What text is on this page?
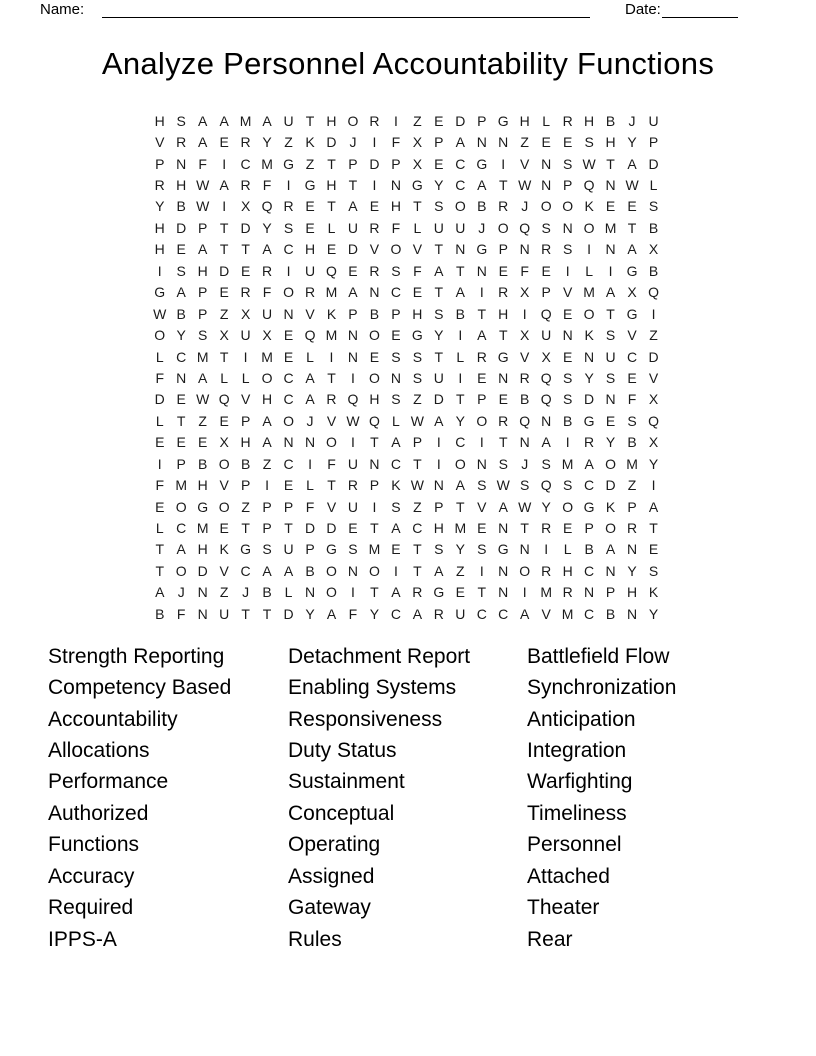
Name:	Date:
Analyze Personnel Accountability Functions
H S A A M A U T H O R	I	Z E D P G H L R H B J U
V R A E R Y Z K D J	I	F X P A N N Z E E S H Y P
P N F	I	C M G Z T P D P X E C G	I	V N S W T A D
R H W A R F	I	G H T	I	N G Y C A T W N P Q N W L
Y B W I	X Q R E T A E H T S O B R J O O K E E S
H D P T D Y S E L U R F L U U J O Q S N O M T B
H E A T T A C H E D V O V T N G P N R S	I	N A X
I	S H D E R	I	U Q E R S F A T N E F E	I	L	I	G B
G A P E R F O R M A N C E T A	I	R X P V M A X Q
W B P Z X U N V K P B P H S B T H	I	Q E O T G	I
O Y S X U X E Q M N O E G Y	I	A T X U N K S V Z
L C M T	I M E L	I	N E S S T L R G V X E N U C D
F N A L L O C A T	I	O N S U	I	E N R Q S Y S E V
D E W Q V H C A R Q H S Z D T P E B Q S D N F X
L T Z E P A O J V W Q L W A Y O R Q N B G E S Q
E E E X H A N N O	I	T A P	I	C	I	T N A	I	R Y B X
I	P B O B Z C	I	F U N C T	I	O N S J S M A O M Y
F M H V P	I	E L T R P K W N A S W S Q S C D Z	I
E O G O Z P P F V U	I	S Z P T V A W Y O G K P A
L C M E T P T D D E T A C H M E N T R E P O R T
T A H K G S U P G S M E T S Y S G N	I	L B A N E
T O D V C A A B O N O	I	T A Z	I	N O R H C N Y S
A J N Z J B L N O	I	T A R G E T N	I M R N P H K
B F N U T T D Y A F Y C A R U C C A V M C B N Y
Strength Reporting
Competency Based
Accountability
Allocations
Performance
Authorized
Functions
Accuracy
Required
IPPS-A
Detachment Report
Enabling Systems
Responsiveness
Duty Status
Sustainment
Conceptual
Operating
Assigned
Gateway
Rules
Battlefield Flow
Synchronization
Anticipation
Integration
Warfighting
Timeliness
Personnel
Attached
Theater
Rear
